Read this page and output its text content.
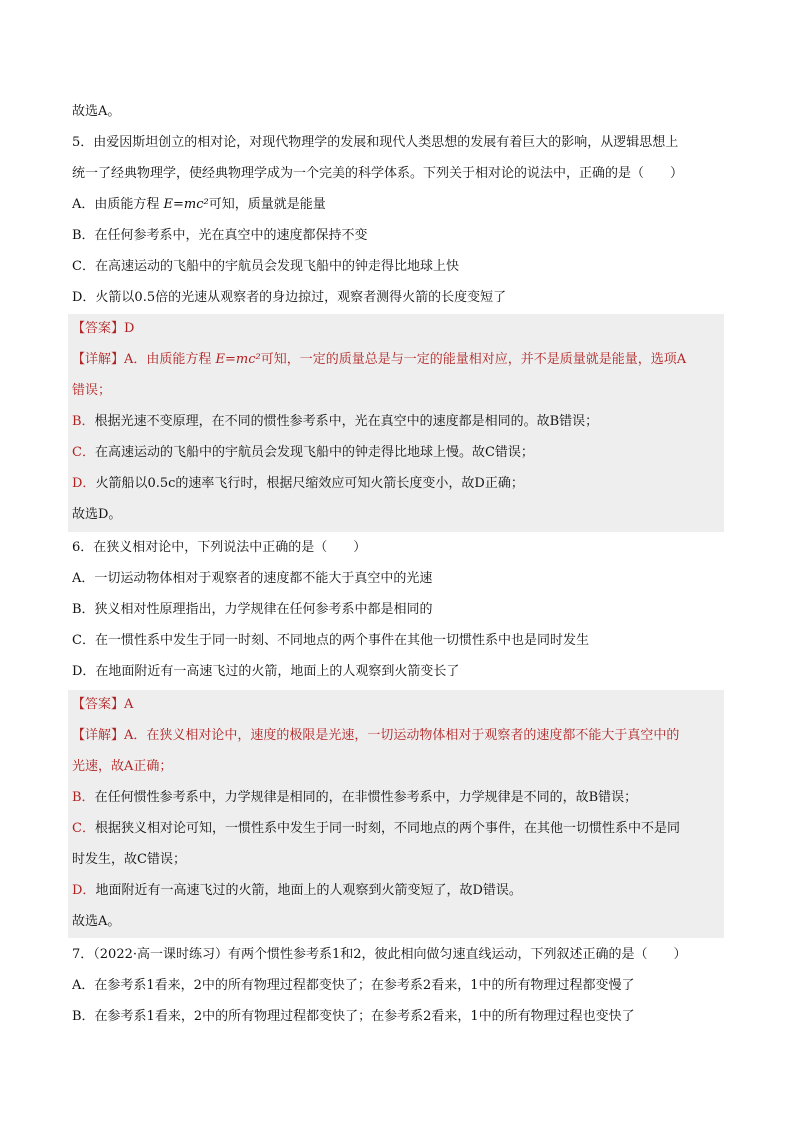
故选A。
5．由爱因斯坦创立的相对论，对现代物理学的发展和现代人类思想的发展有着巨大的影响，从逻辑思想上
统一了经典物理学，使经典物理学成为一个完美的科学体系。下列关于相对论的说法中，正确的是（　　）
A．由质能方程 E=mc²可知，质量就是能量
B．在任何参考系中，光在真空中的速度都保持不变
C．在高速运动的飞船中的宇航员会发现飞船中的钟走得比地球上快
D．火箭以0.5倍的光速从观察者的身边掠过，观察者测得火箭的长度变短了
【答案】D
【详解】A．由质能方程 E=mc²可知，一定的质量总是与一定的能量相对应，并不是质量就是能量，选项A
错误；
B．根据光速不变原理，在不同的惯性参考系中，光在真空中的速度都是相同的。故B错误；
C．在高速运动的飞船中的宇航员会发现飞船中的钟走得比地球上慢。故C错误；
D．火箭船以0.5c的速率飞行时，根据尺缩效应可知火箭长度变小，故D正确；
故选D。
6．在狭义相对论中，下列说法中正确的是（　　）
A．一切运动物体相对于观察者的速度都不能大于真空中的光速
B．狭义相对性原理指出，力学规律在任何参考系中都是相同的
C．在一惯性系中发生于同一时刻、不同地点的两个事件在其他一切惯性系中也是同时发生
D．在地面附近有一高速飞过的火箭，地面上的人观察到火箭变长了
【答案】A
【详解】A．在狭义相对论中，速度的极限是光速，一切运动物体相对于观察者的速度都不能大于真空中的
光速，故A正确；
B．在任何惯性参考系中，力学规律是相同的，在非惯性参考系中，力学规律是不同的，故B错误；
C．根据狭义相对论可知，一惯性系中发生于同一时刻，不同地点的两个事件，在其他一切惯性系中不是同
时发生，故C错误；
D．地面附近有一高速飞过的火箭，地面上的人观察到火箭变短了，故D错误。
故选A。
7．（2022·高一课时练习）有两个惯性参考系1和2，彼此相向做匀速直线运动，下列叙述正确的是（　　）
A．在参考系1看来，2中的所有物理过程都变快了；在参考系2看来，1中的所有物理过程都变慢了
B．在参考系1看来，2中的所有物理过程都变快了；在参考系2看来，1中的所有物理过程也变快了
